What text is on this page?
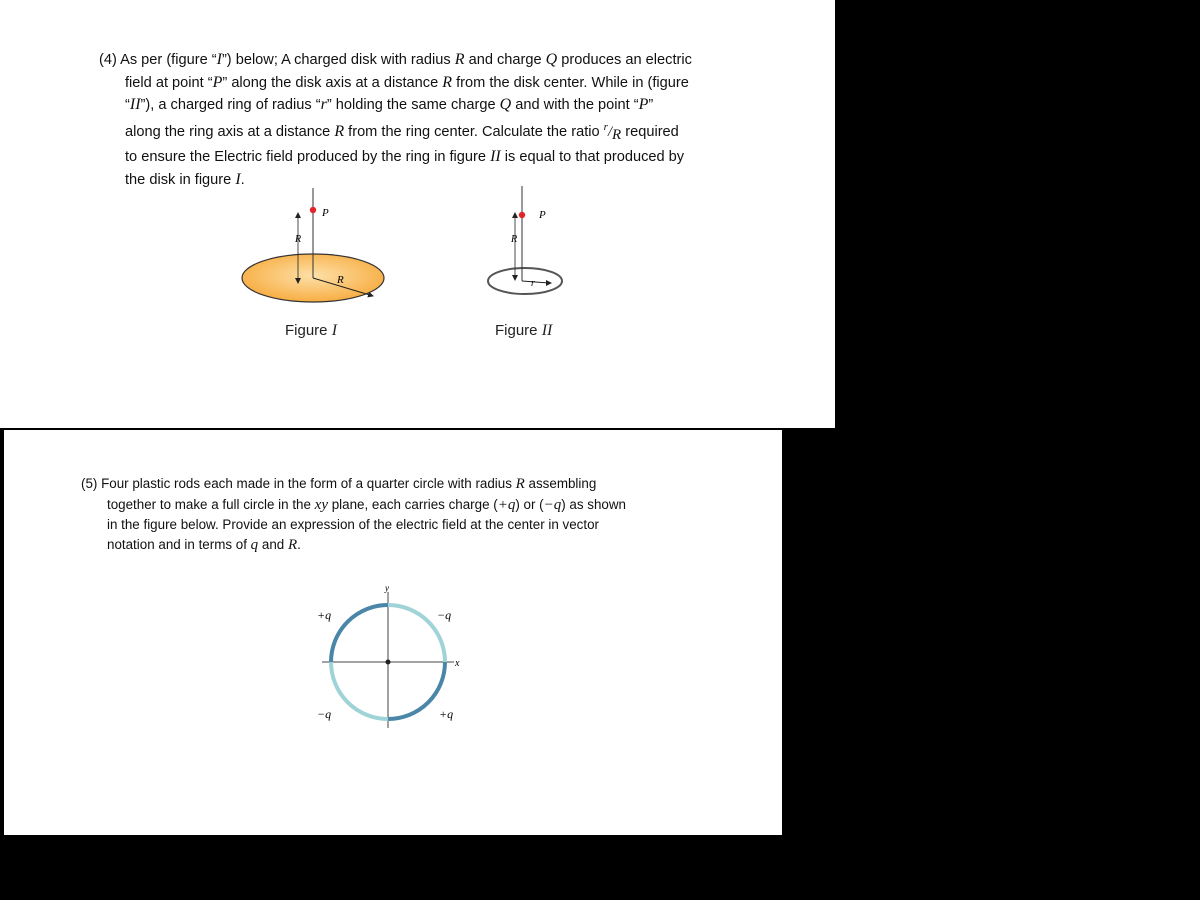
(4) As per (figure “I”) below; A charged disk with radius R and charge Q produces an electric
field at point “P” along the disk axis at a distance R from the disk center. While in (figure
“II”), a charged ring of radius “r” holding the same charge Q and with the point “P”
along the ring axis at a distance R from the ring center. Calculate the ratio $^r/_R$ required
to ensure the Electric field produced by the ring in figure II is equal to that produced by
the disk in figure I.

P
R
R
Figure I
P
R
r
Figure II

(5) Four plastic rods each made in the form of a quarter circle with radius R assembling
together to make a full circle in the xy plane, each carries charge (+q) or (−q) as shown
in the figure below. Provide an expression of the electric field at the center in vector
notation and in terms of q and R.

y
x
+q	−q
−q	+q
